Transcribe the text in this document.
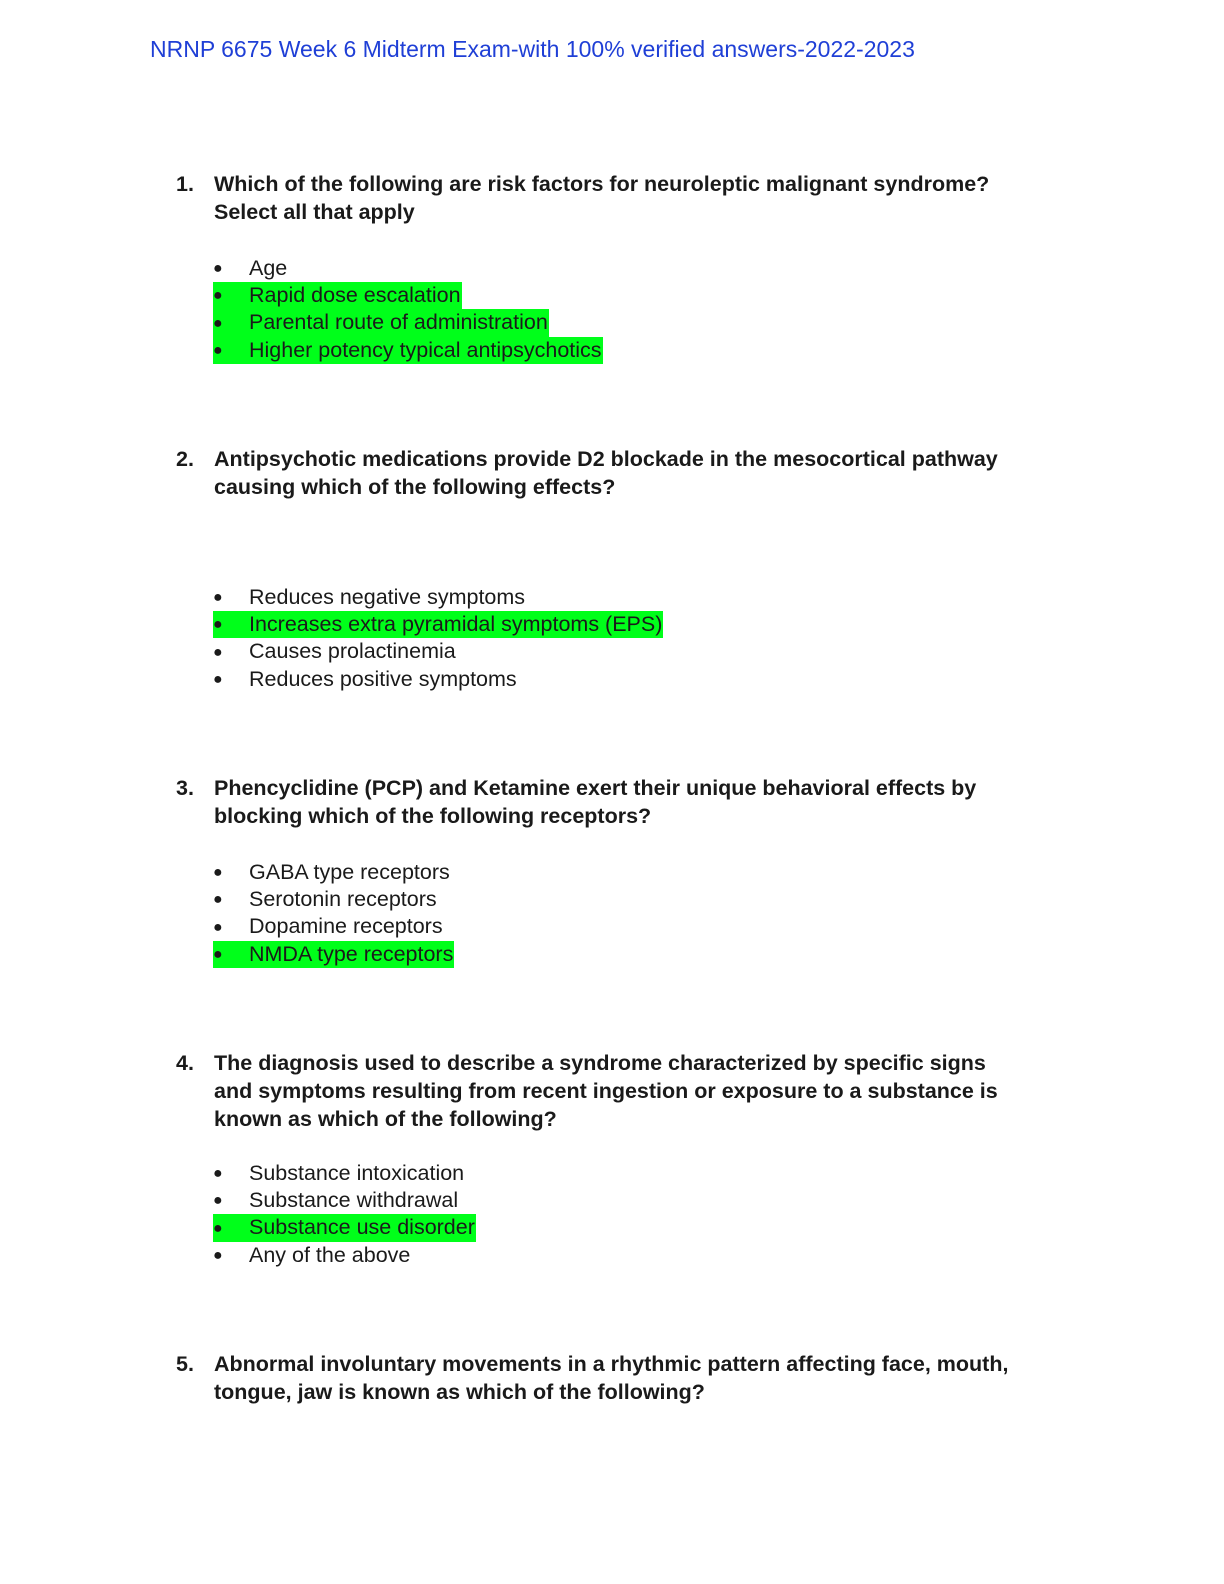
NRNP 6675 Week 6 Midterm Exam-with 100% verified answers-2022-2023
1. Which of the following are risk factors for neuroleptic malignant syndrome?
Select all that apply
●	Age
●	Rapid dose escalation
●	Parental route of administration
●	Higher potency typical antipsychotics
2. Antipsychotic medications provide D2 blockade in the mesocortical pathway
causing which of the following effects?
●	Reduces negative symptoms
●	Increases extra pyramidal symptoms (EPS)
●	Causes prolactinemia
●	Reduces positive symptoms
3. Phencyclidine (PCP) and Ketamine exert their unique behavioral effects by
blocking which of the following receptors?
●	GABA type receptors
●	Serotonin receptors
●	Dopamine receptors
●	NMDA type receptors
4. The diagnosis used to describe a syndrome characterized by specific signs
and symptoms resulting from recent ingestion or exposure to a substance is
known as which of the following?
●	Substance intoxication
●	Substance withdrawal
●	Substance use disorder
●	Any of the above
5. Abnormal involuntary movements in a rhythmic pattern affecting face, mouth,
tongue, jaw is known as which of the following?
